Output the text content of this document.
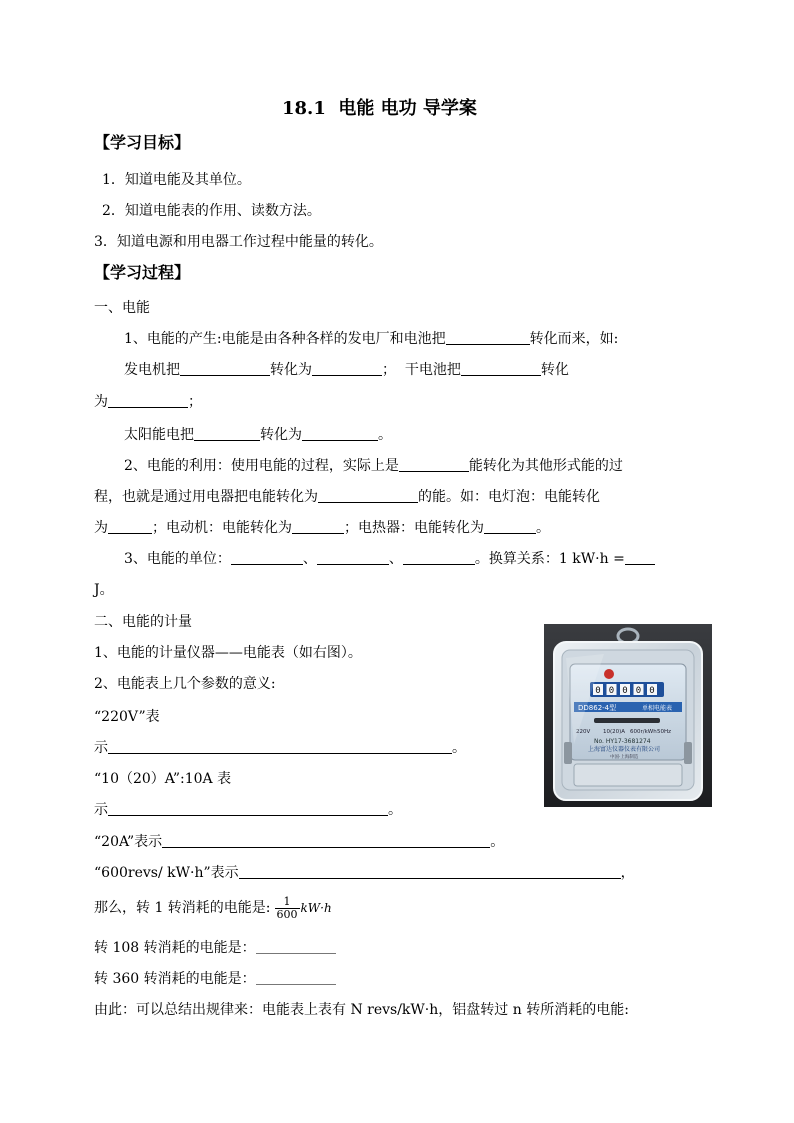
18.1  电能 电功 导学案
【学习目标】
1．知道电能及其单位。
2．知道电能表的作用、读数方法。
3．知道电源和用电器工作过程中能量的转化。
【学习过程】
一、电能
1、电能的产生:电能是由各种各样的发电厂和电池把	转化而来，如:
发电机把	转化为	；  干电池把	转化
为	；
太阳能电把	转化为	。
2、电能的利用：使用电能的过程，实际上是	能转化为其他形式能的过
程，也就是通过用电器把电能转化为	的能。如：电灯泡：电能转化
为	；电动机：电能转化为	；电热器：电能转化为	。
3、电能的单位：	、	、	。换算关系：1 kW·h =
J。
二、电能的计量
1、电能的计量仪器——电能表（如右图）。
2、电能表上几个参数的意义:
“220V”表
示	。
“10（20）A”:10A 表
示	。
“20A”表示	。
“600revs/ kW·h”表示	，
那么，转 1 转消耗的电能是: $\frac{1}{600} kW\cdot h$
转 108 转消耗的电能是：
转 360 转消耗的电能是：
由此：可以总结出规律来：电能表上表有 N revs/kW·h，铝盘转过 n 转所消耗的电能:
0 0 0 0 0
DD862-4型	单相电能表
220V 10(20)A 600r/kWh 50Hz
No. HY17-3681274
上海富达仪器仪表有限公司
中国·上海制造
